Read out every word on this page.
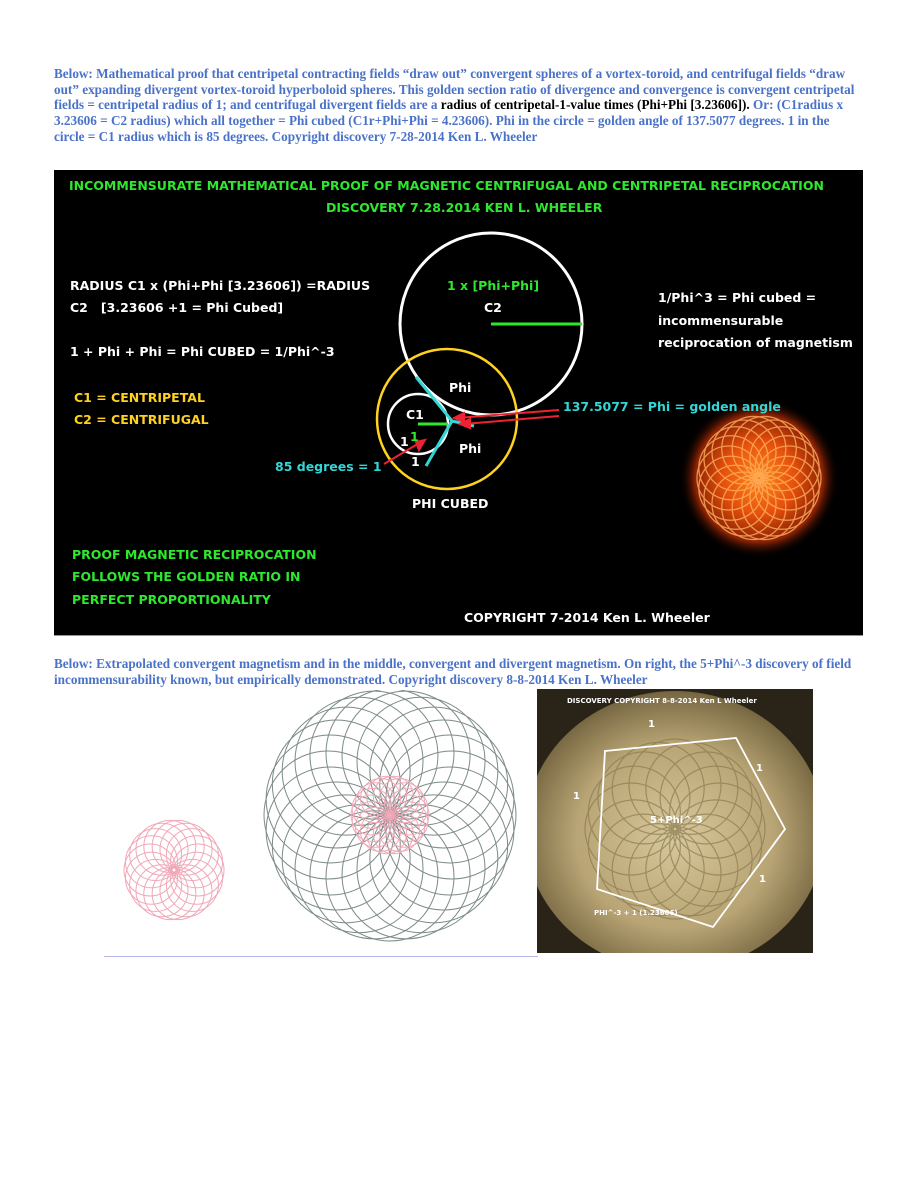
Below: Mathematical proof that centripetal contracting fields “draw out” convergent spheres of a vortex-toroid, and centrifugal fields “draw out” expanding divergent vortex-toroid hyperboloid spheres. This golden section ratio of divergence and convergence is convergent centripetal fields = centripetal radius of 1; and centrifugal divergent fields are a radius of centripetal-1-value times (Phi+Phi [3.23606]). Or: (C1radius x 3.23606 = C2 radius) which all together = Phi cubed (C1r+Phi+Phi = 4.23606). Phi in the circle = golden angle of 137.5077 degrees. 1 in the circle = C1 radius which is 85 degrees. Copyright discovery 7-28-2014 Ken L. Wheeler
INCOMMENSURATE MATHEMATICAL PROOF OF MAGNETIC CENTRIFUGAL AND CENTRIPETAL RECIPROCATION
DISCOVERY 7.28.2014 KEN L. WHEELER
RADIUS C1 x (Phi+Phi [3.23606]) =RADIUS
C2   [3.23606 +1 = Phi Cubed]
1 + Phi + Phi = Phi CUBED = 1/Phi^-3
C1 = CENTRIPETAL
C2 = CENTRIFUGAL
1 x [Phi+Phi]
C2
Phi
C1
1
1
1
Phi
137.5077 = Phi = golden angle
85 degrees = 1
PHI CUBED
1/Phi^3 = Phi cubed =
incommensurable
reciprocation of magnetism
PROOF MAGNETIC RECIPROCATION
FOLLOWS THE GOLDEN RATIO IN
PERFECT PROPORTIONALITY
COPYRIGHT 7-2014 Ken L. Wheeler
Below: Extrapolated convergent magnetism and in the middle, convergent and divergent magnetism. On right, the 5+Phi^-3 discovery of field incommensurability known, but empirically demonstrated. Copyright discovery 8-8-2014 Ken L. Wheeler
DISCOVERY COPYRIGHT 8-8-2014 Ken L Wheeler
1
1
1
1
5+Phi^-3
PHI^-3 + 1 (1.23606)
